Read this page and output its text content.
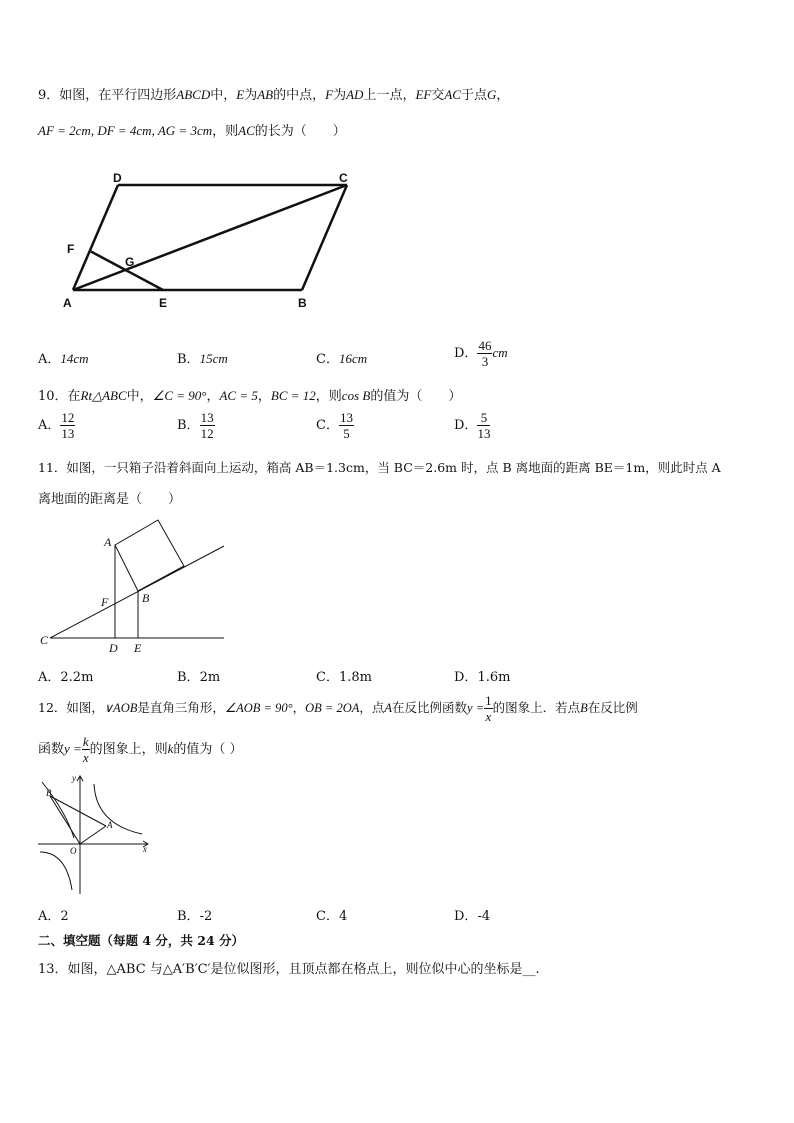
9．如图，在平行四边形ABCD中，E为AB的中点，F为AD上一点，EF交AC于点G，
AF = 2cm, DF = 4cm, AG = 3cm，则AC的长为（　　）
D	C
F
G
A	E	B
A．14cm	B．15cm	C．16cm	D． $\frac{46}{3}$ cm
10．在Rt△ABC中，∠C = 90°，AC = 5，BC = 12，则cos B的值为（　　）
A． $\frac{12}{13}$	B． $\frac{13}{12}$	C． $\frac{13}{5}$	D． $\frac{5}{13}$
11．如图，一只箱子沿着斜面向上运动，箱高 AB＝1.3cm，当 BC＝2.6m 时，点 B 离地面的距离 BE＝1m，则此时点 A
离地面的距离是（　　）
A
F	B
C
D E
A．2.2m	B．2m	C．1.8m	D．1.6m
12．如图，∨AOB是直角三角形，∠AOB = 90°，OB = 2OA，点A在反比例函数$y = \frac{1}{x}$ 的图象上．若点B在反比例
函数$y = \frac{k}{x}$ 的图象上，则k的值为（ ）
y
B
A
O	x
A．2	B．-2	C．4	D．-4
二、填空题（每题 4 分，共 24 分）
13．如图，△ABC 与△A′B′C′是位似图形，且顶点都在格点上，则位似中心的坐标是__.
